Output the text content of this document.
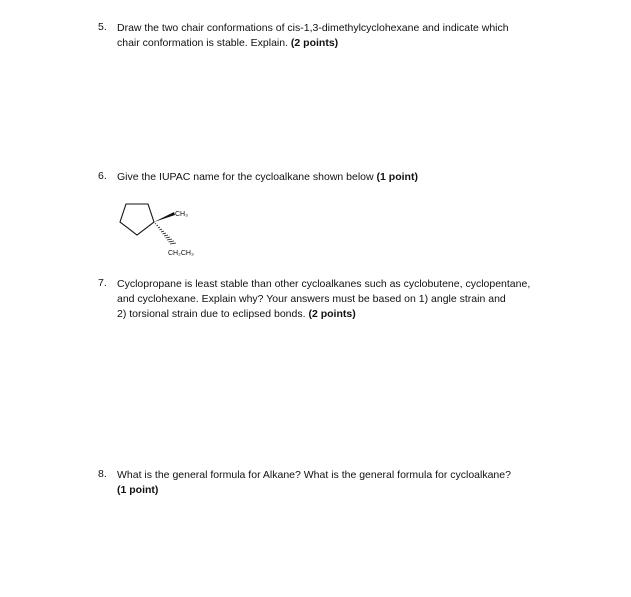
5. Draw the two chair conformations of cis-1,3-dimethylcyclohexane and indicate which
chair conformation is stable. Explain. (2 points)
6. Give the IUPAC name for the cycloalkane shown below (1 point)
CH₃
CH₂CH₃
7. Cyclopropane is least stable than other cycloalkanes such as cyclobutene, cyclopentane,
and cyclohexane. Explain why? Your answers must be based on 1) angle strain and
2) torsional strain due to eclipsed bonds. (2 points)
8. What is the general formula for Alkane? What is the general formula for cycloalkane?
(1 point)
